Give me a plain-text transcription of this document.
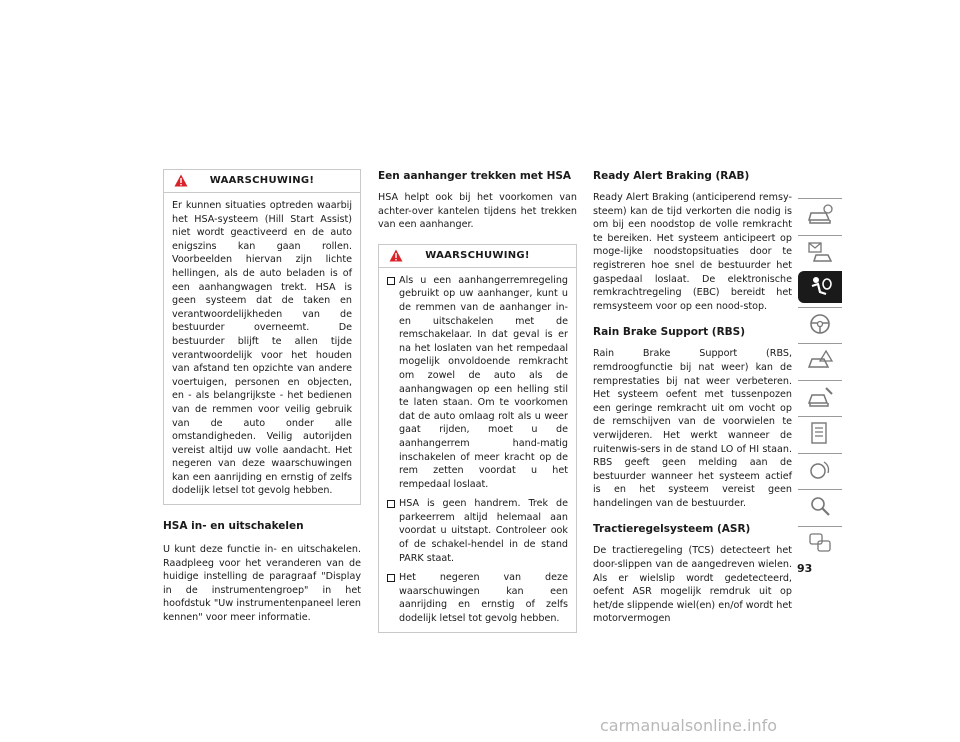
WAARSCHUWING!

Er kunnen situaties optreden waarbij het HSA-systeem (Hill Start Assist) niet wordt geactiveerd en de auto enigszins kan gaan rollen. Voorbeelden hiervan zijn lichte hellingen, als de auto beladen is of een aanhangwagen trekt. HSA is geen systeem dat de taken en verantwoordelijkheden van de bestuurder overneemt. De bestuurder blijft te allen tijde verantwoordelijk voor het houden van afstand ten opzichte van andere voertuigen, personen en objecten, en - als belangrijkste - het bedienen van de remmen voor veilig gebruik van de auto onder alle omstandigheden. Veilig autorijden vereist altijd uw volle aandacht. Het negeren van deze waarschuwingen kan een aanrijding en ernstig of zelfs dodelijk letsel tot gevolg hebben.

HSA in- en uitschakelen

U kunt deze functie in- en uitschakelen. Raadpleeg voor het veranderen van de huidige instelling de paragraaf "Display in de instrumentengroep" in het hoofdstuk "Uw instrumentenpaneel leren kennen" voor meer informatie.

Een aanhanger trekken met HSA

HSA helpt ook bij het voorkomen van achter-over kantelen tijdens het trekken van een aanhanger.

WAARSCHUWING!
Als u een aanhangerremregeling gebruikt op uw aanhanger, kunt u de remmen van de aanhanger in- en uitschakelen met de remschakelaar. In dat geval is er na het loslaten van het rempedaal mogelijk onvoldoende remkracht om zowel de auto als de aanhangwagen op een helling stil te laten staan. Om te voorkomen dat de auto omlaag rolt als u weer gaat rijden, moet u de aanhangerrem hand-matig inschakelen of meer kracht op de rem zetten voordat u het rempedaal loslaat.
HSA is geen handrem. Trek de parkeerrem altijd helemaal aan voordat u uitstapt. Controleer ook of de schakel-hendel in de stand PARK staat.
Het negeren van deze waarschuwingen kan een aanrijding en ernstig of zelfs dodelijk letsel tot gevolg hebben.
Ready Alert Braking (RAB)

Ready Alert Braking (anticiperend remsy-steem) kan de tijd verkorten die nodig is om bij een noodstop de volle remkracht te bereiken. Het systeem anticipeert op moge-lijke noodstopsituaties door te registreren hoe snel de bestuurder het gaspedaal loslaat. De elektronische remkrachtregeling (EBC) bereidt het remsysteem voor op een nood-stop.

Rain Brake Support (RBS)

Rain Brake Support (RBS, remdroogfunctie bij nat weer) kan de remprestaties bij nat weer verbeteren. Het systeem oefent met tussenpozen een geringe remkracht uit om vocht op de remschijven van de voorwielen te verwijderen. Het werkt wanneer de ruitenwis-sers in de stand LO of HI staan. RBS geeft geen melding aan de bestuurder wanneer het systeem actief is en het systeem vereist geen handelingen van de bestuurder.

Tractieregelsysteem (ASR)

De tractieregeling (TCS) detecteert het door-slippen van de aangedreven wielen. Als er wielslip wordt gedetecteerd, oefent ASR mogelijk remdruk uit op het/de slippende wiel(en) en/of wordt het motorvermogen

93
carmanualsonline.info
